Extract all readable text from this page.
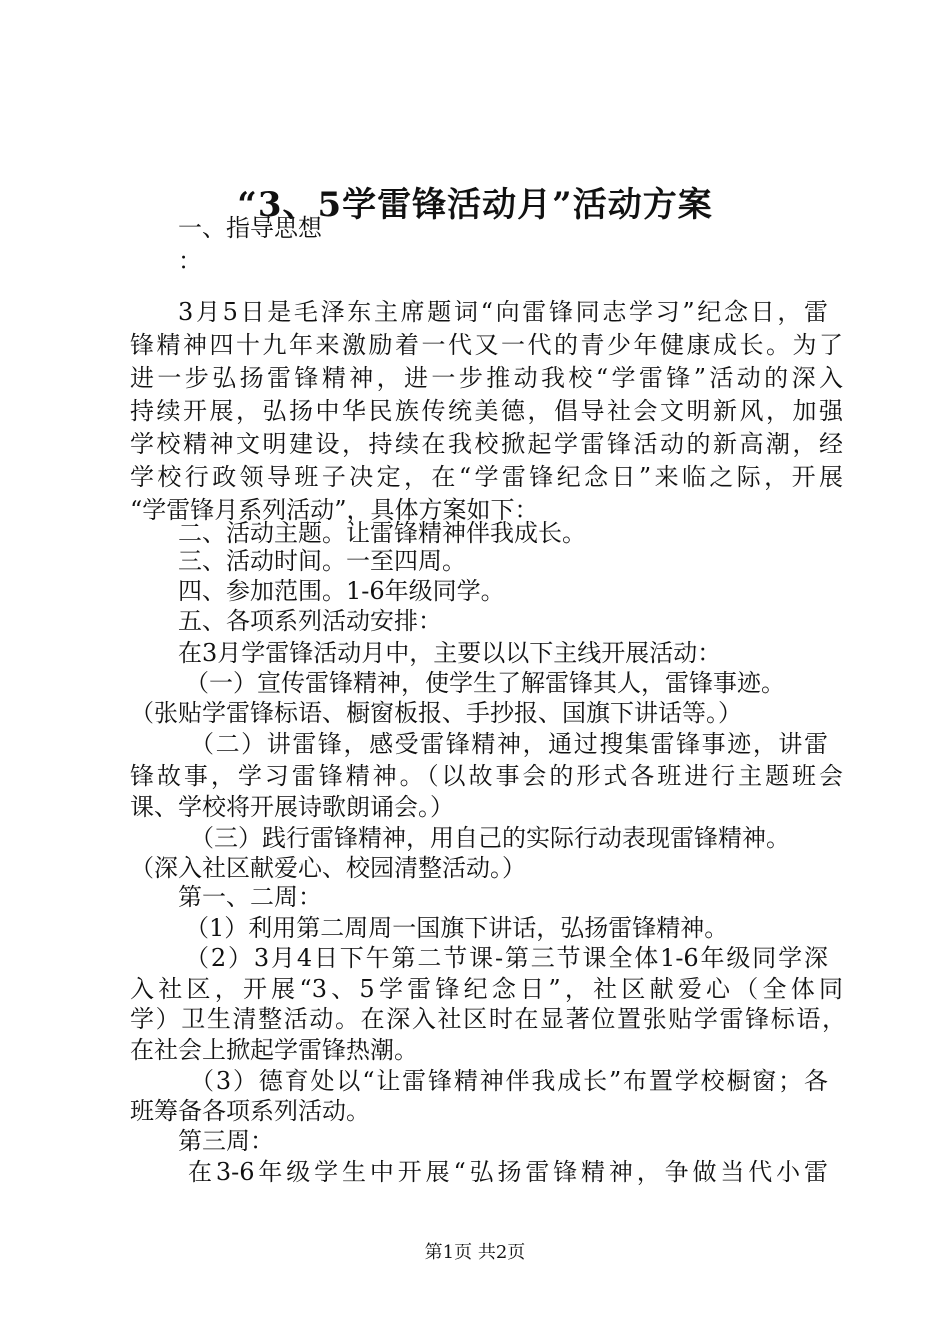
“3、5学雷锋活动月”活动方案
一、指导思想
：
3月5日是毛泽东主席题词“向雷锋同志学习”纪念日，雷
锋精神四十九年来激励着一代又一代的青少年健康成长。为了
进一步弘扬雷锋精神，进一步推动我校“学雷锋”活动的深入
持续开展，弘扬中华民族传统美德，倡导社会文明新风，加强
学校精神文明建设，持续在我校掀起学雷锋活动的新高潮，经
学校行政领导班子决定，在“学雷锋纪念日”来临之际，开展
“学雷锋月系列活动”，具体方案如下：
二、活动主题。让雷锋精神伴我成长。
三、活动时间。一至四周。
四、参加范围。1-6年级同学。
五、各项系列活动安排：
在3月学雷锋活动月中，主要以以下主线开展活动：
（一）宣传雷锋精神，使学生了解雷锋其人，雷锋事迹。
（张贴学雷锋标语、橱窗板报、手抄报、国旗下讲话等。）
（二）讲雷锋，感受雷锋精神，通过搜集雷锋事迹，讲雷
锋故事，学习雷锋精神。（以故事会的形式各班进行主题班会
课、学校将开展诗歌朗诵会。）
（三）践行雷锋精神，用自己的实际行动表现雷锋精神。
（深入社区献爱心、校园清整活动。）
第一、二周：
（1）利用第二周周一国旗下讲话，弘扬雷锋精神。
（2）3月4日下午第二节课-第三节课全体1-6年级同学深
入社区，开展“3、5学雷锋纪念日”，社区献爱心（全体同
学）卫生清整活动。在深入社区时在显著位置张贴学雷锋标语，
在社会上掀起学雷锋热潮。
（3）德育处以“让雷锋精神伴我成长”布置学校橱窗；各
班筹备各项系列活动。
第三周：
在3-6年级学生中开展“弘扬雷锋精神，争做当代小雷
第1页 共2页
